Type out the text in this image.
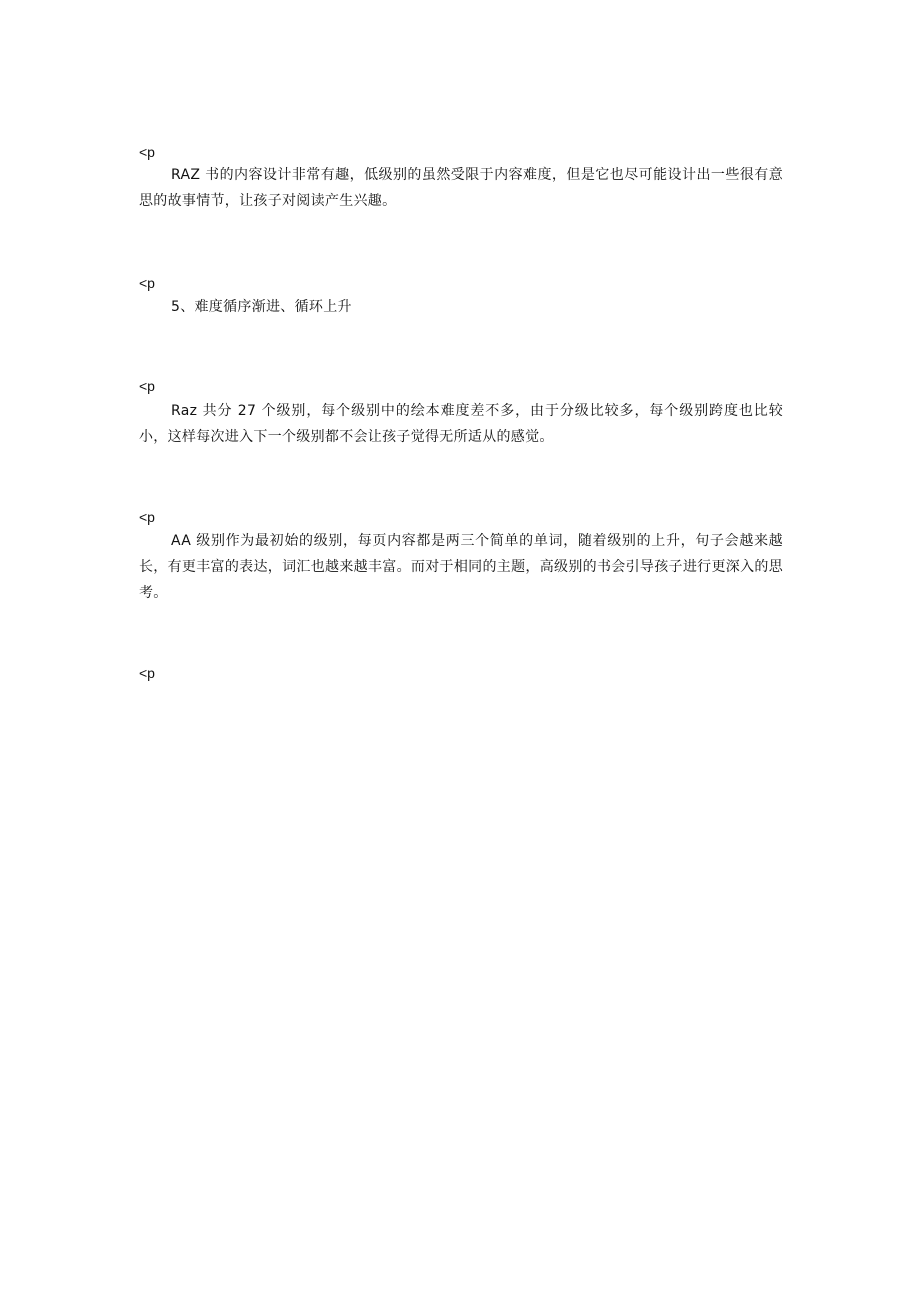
<p
RAZ 书的内容设计非常有趣，低级别的虽然受限于内容难度，但是它也尽可能设计出一些很有意思的故事情节，让孩子对阅读产生兴趣。
<p
5、难度循序渐进、循环上升
<p
Raz 共分 27 个级别，每个级别中的绘本难度差不多，由于分级比较多，每个级别跨度也比较小，这样每次进入下一个级别都不会让孩子觉得无所适从的感觉。
<p
AA 级别作为最初始的级别，每页内容都是两三个简单的单词，随着级别的上升，句子会越来越长，有更丰富的表达，词汇也越来越丰富。而对于相同的主题，高级别的书会引导孩子进行更深入的思考。
<p
